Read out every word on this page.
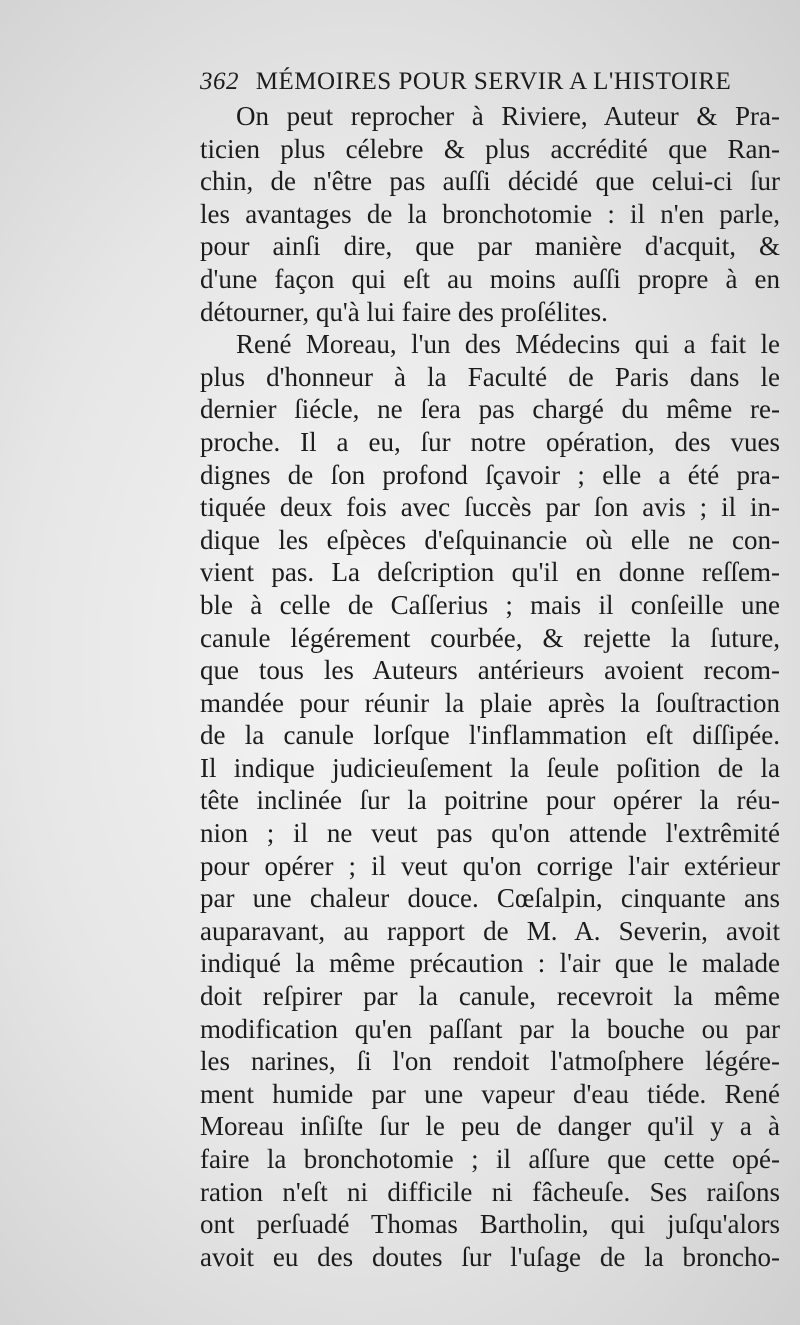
362 MÉMOIRES POUR SERVIR A L'HISTOIRE
On peut reprocher à Riviere, Auteur & Pra-
ticien plus célebre & plus accrédité que Ran-
chin, de n'être pas auſſi décidé que celui-ci ſur
les avantages de la bronchotomie : il n'en parle,
pour ainſi dire, que par manière d'acquit, &
d'une façon qui eſt au moins auſſi propre à en
détourner, qu'à lui faire des proſélites.
René Moreau, l'un des Médecins qui a fait le
plus d'honneur à la Faculté de Paris dans le
dernier ſiécle, ne ſera pas chargé du même re-
proche. Il a eu, ſur notre opération, des vues
dignes de ſon profond ſçavoir ; elle a été pra-
tiquée deux fois avec ſuccès par ſon avis ; il in-
dique les eſpèces d'eſquinancie où elle ne con-
vient pas. La deſcription qu'il en donne reſſem-
ble à celle de Caſſerius ; mais il conſeille une
canule légérement courbée, & rejette la ſuture,
que tous les Auteurs antérieurs avoient recom-
mandée pour réunir la plaie après la ſouſtraction
de la canule lorſque l'inflammation eſt diſſipée.
Il indique judicieuſement la ſeule poſition de la
tête inclinée ſur la poitrine pour opérer la réu-
nion ; il ne veut pas qu'on attende l'extrêmité
pour opérer ; il veut qu'on corrige l'air extérieur
par une chaleur douce. Cœſalpin, cinquante ans
auparavant, au rapport de M. A. Severin, avoit
indiqué la même précaution : l'air que le malade
doit reſpirer par la canule, recevroit la même
modification qu'en paſſant par la bouche ou par
les narines, ſi l'on rendoit l'atmoſphere légére-
ment humide par une vapeur d'eau tiéde. René
Moreau inſiſte ſur le peu de danger qu'il y a à
faire la bronchotomie ; il aſſure que cette opé-
ration n'eſt ni difficile ni fâcheuſe. Ses raiſons
ont perſuadé Thomas Bartholin, qui juſqu'alors
avoit eu des doutes ſur l'uſage de la broncho-
